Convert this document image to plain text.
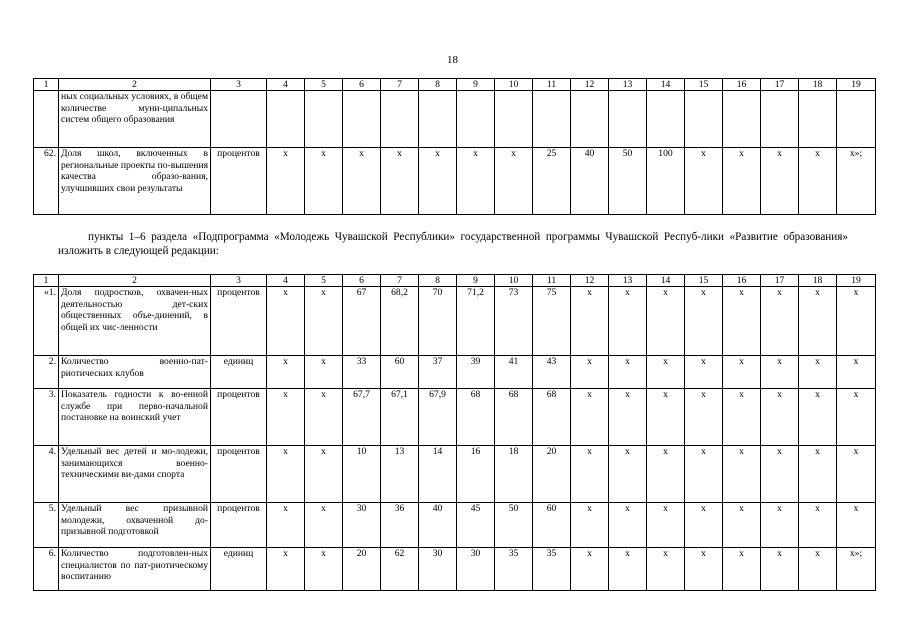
18
1	2	3	4	5	6	7	8	9	10	11	12	13	14	15	16	17	18	19
	ных социальных условиях, в общем количестве муни-ципальных систем общего образования																	
62.	Доля школ, включенных в региональные проекты по-вышения качества образо-вания, улучшивших свои результаты	процентов	х	х	х	х	х	х	х	25	40	50	100	х	х	х	х	х»;
пункты 1–6 раздела «Подпрограмма «Молодежь Чувашской Республики» государственной программы Чувашской Респуб-лики «Развитие образования» изложить в следующей редакции:
1	2	3	4	5	6	7	8	9	10	11	12	13	14	15	16	17	18	19
«1.	Доля подростков, охвачен-ных деятельностью дет-ских общественных объе-динений, в общей их чис-ленности	процентов	х	х	67	68,2	70	71,2	73	75	х	х	х	х	х	х	х	х
2.	Количество военно-пат-риотических клубов	единиц	х	х	33	60	37	39	41	43	х	х	х	х	х	х	х	х
3.	Показатель годности к во-енной службе при перво-начальной постановке на воинский учет	процентов	х	х	67,7	67,1	67,9	68	68	68	х	х	х	х	х	х	х	х
4.	Удельный вес детей и мо-лодежи, занимающихся военно-техническими ви-дами спорта	процентов	х	х	10	13	14	16	18	20	х	х	х	х	х	х	х	х
5.	Удельный вес призывной молодежи, охваченной до-призывной подготовкой	процентов	х	х	30	36	40	45	50	60	х	х	х	х	х	х	х	х
6.	Количество подготовлен-ных специалистов по пат-риотическому воспитанию	единиц	х	х	20	62	30	30	35	35	х	х	х	х	х	х	х	х»;
